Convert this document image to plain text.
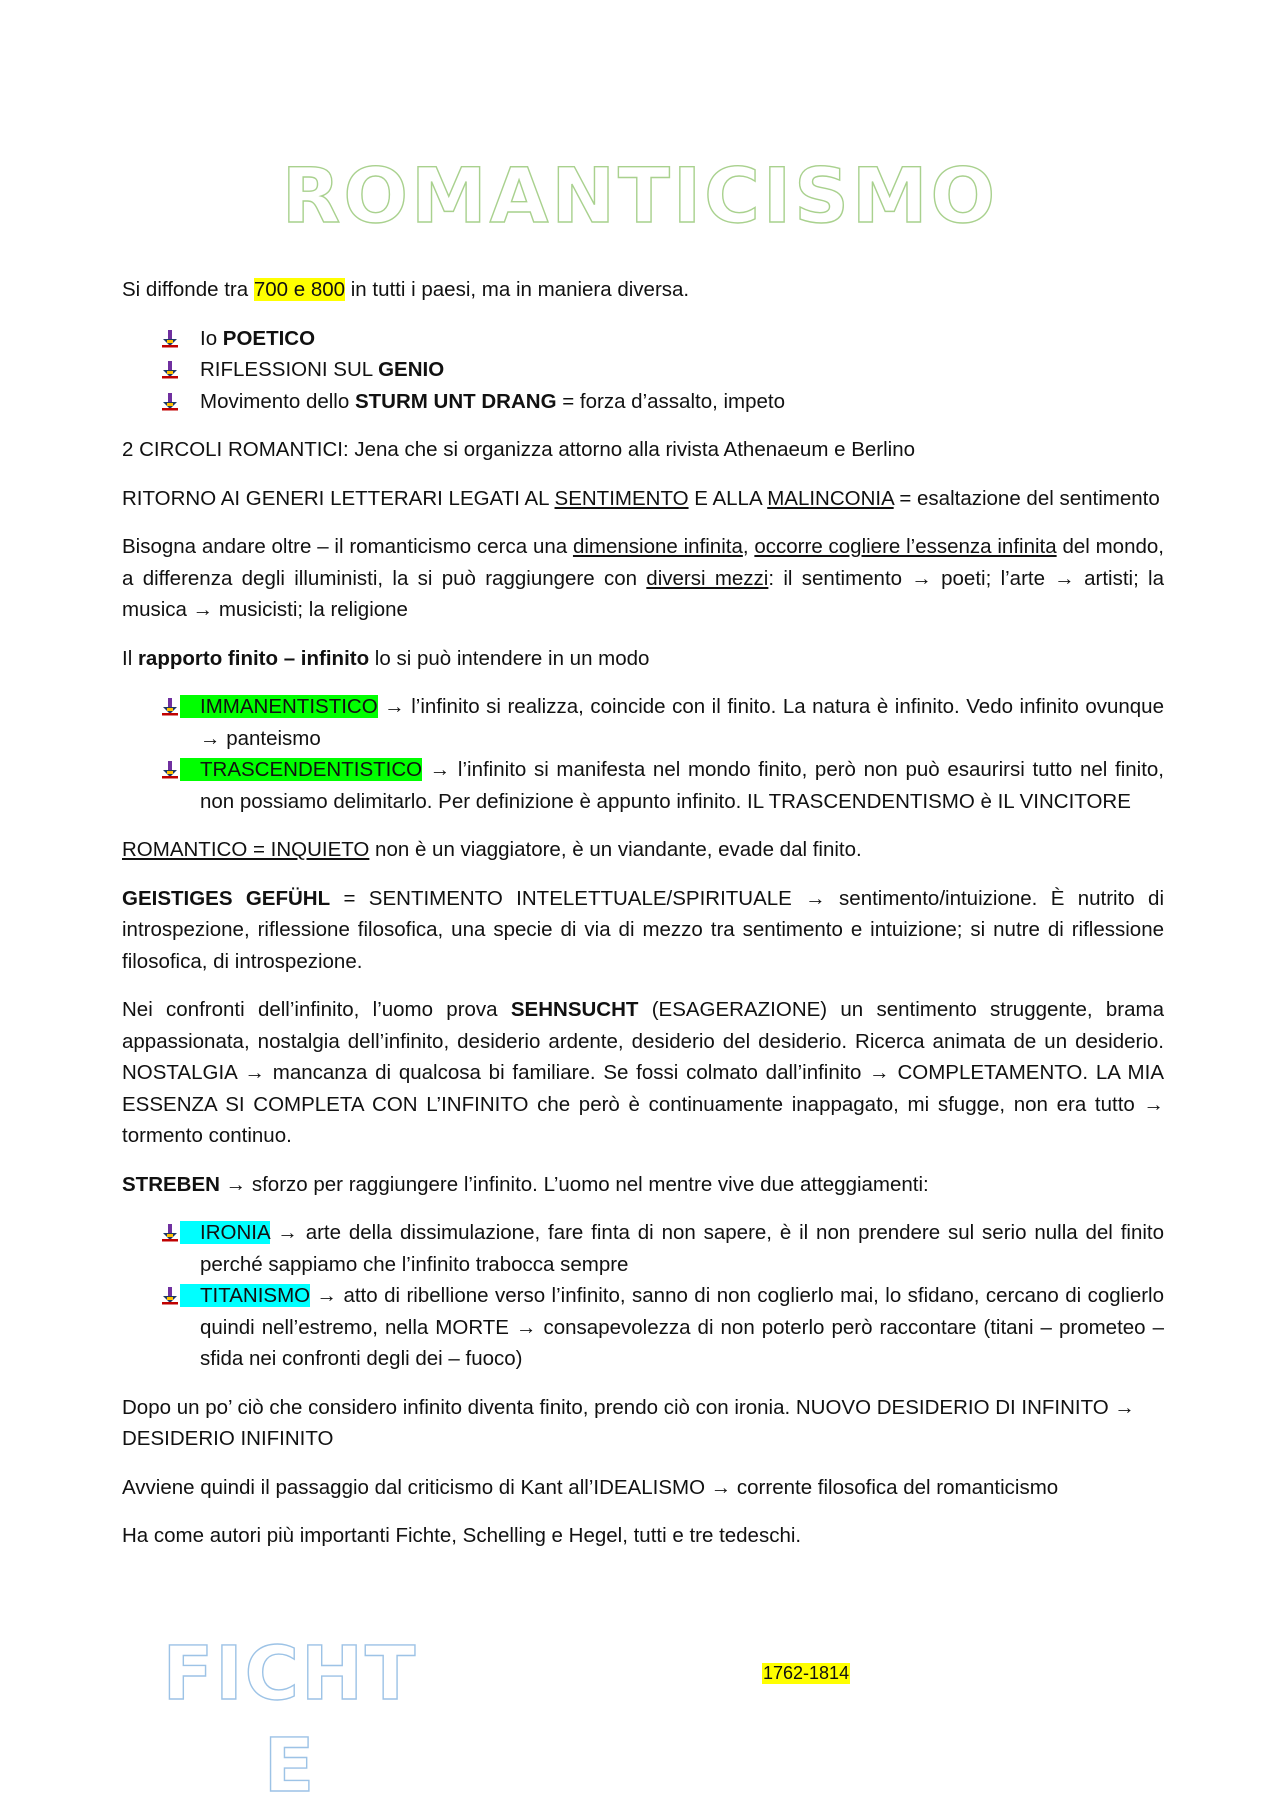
ROMANTICISMO

Si diffonde tra 700 e 800 in tutti i paesi, ma in maniera diversa.

Io POETICO
RIFLESSIONI SUL GENIO
Movimento dello STURM UNT DRANG = forza d’assalto, impeto

2 CIRCOLI ROMANTICI: Jena che si organizza attorno alla rivista Athenaeum e Berlino

RITORNO AI GENERI LETTERARI LEGATI AL SENTIMENTO E ALLA MALINCONIA = esaltazione del sentimento

Bisogna andare oltre – il romanticismo cerca una dimensione infinita, occorre cogliere l’essenza infinita del mondo, a differenza degli illuministi, la si può raggiungere con diversi mezzi: il sentimento → poeti; l’arte → artisti; la musica → musicisti; la religione

Il rapporto finito – infinito lo si può intendere in un modo

IMMANENTISTICO → l’infinito si realizza, coincide con il finito. La natura è infinito. Vedo infinito ovunque → panteismo
TRASCENDENTISTICO → l’infinito si manifesta nel mondo finito, però non può esaurirsi tutto nel finito, non possiamo delimitarlo. Per definizione è appunto infinito. IL TRASCENDENTISMO è IL VINCITORE

ROMANTICO = INQUIETO non è un viaggiatore, è un viandante, evade dal finito.

GEISTIGES GEFÜHL = SENTIMENTO INTELETTUALE/SPIRITUALE → sentimento/intuizione. È nutrito di introspezione, riflessione filosofica, una specie di via di mezzo tra sentimento e intuizione; si nutre di riflessione filosofica, di introspezione.

Nei confronti dell’infinito, l’uomo prova SEHNSUCHT (ESAGERAZIONE) un sentimento struggente, brama appassionata, nostalgia dell’infinito, desiderio ardente, desiderio del desiderio. Ricerca animata de un desiderio. NOSTALGIA → mancanza di qualcosa bi familiare. Se fossi colmato dall’infinito → COMPLETAMENTO. LA MIA ESSENZA SI COMPLETA CON L’INFINITO che però è continuamente inappagato, mi sfugge, non era tutto → tormento continuo.

STREBEN → sforzo per raggiungere l’infinito. L’uomo nel mentre vive due atteggiamenti:

IRONIA → arte della dissimulazione, fare finta di non sapere, è il non prendere sul serio nulla del finito perché sappiamo che l’infinito trabocca sempre
TITANISMO → atto di ribellione verso l’infinito, sanno di non coglierlo mai, lo sfidano, cercano di coglierlo quindi nell’estremo, nella MORTE → consapevolezza di non poterlo però raccontare (titani – prometeo – sfida nei confronti degli dei – fuoco)

Dopo un po’ ciò che considero infinito diventa finito, prendo ciò con ironia. NUOVO DESIDERIO DI INFINITO → DESIDERIO INIFINITO

Avviene quindi il passaggio dal criticismo di Kant all’IDEALISMO → corrente filosofica del romanticismo

Ha come autori più importanti Fichte, Schelling e Hegel, tutti e tre tedeschi.

FICHT
E
1762-1814
